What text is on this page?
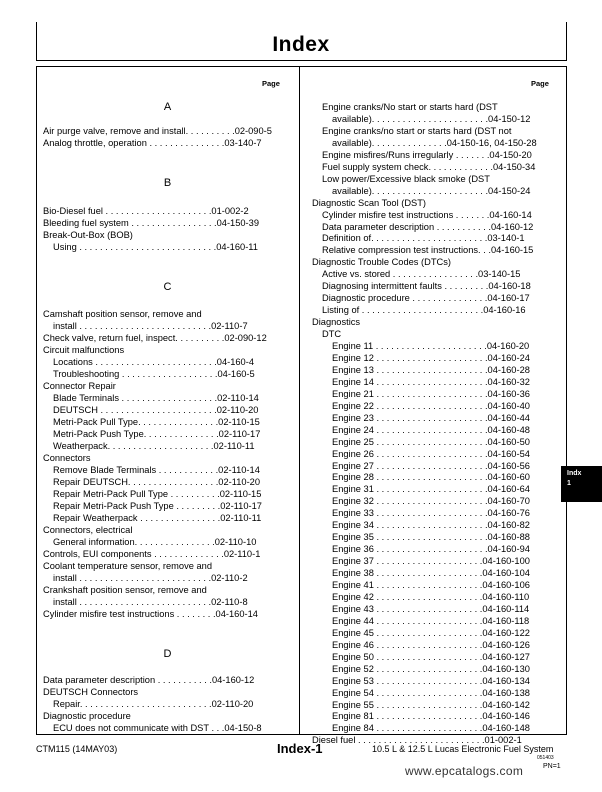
Index
Page	Page
A
Air purge valve, remove and install. . . . . . . . . .02-090-5
Analog throttle, operation . . . . . . . . . . . . . . .03-140-7
B
Bio-Diesel fuel . . . . . . . . . . . . . . . . . . . . .01-002-2
Bleeding fuel system . . . . . . . . . . . . . . . . .04-150-39
Break-Out-Box (BOB)
Using . . . . . . . . . . . . . . . . . . . . . . . . . . .04-160-11
C
Camshaft position sensor, remove and
install . . . . . . . . . . . . . . . . . . . . . . . . . .02-110-7
Check valve, return fuel, inspect. . . . . . . . . .02-090-12
Circuit malfunctions
Locations . . . . . . . . . . . . . . . . . . . . . . . .04-160-4
Troubleshooting . . . . . . . . . . . . . . . . . . .04-160-5
Connector Repair
Blade Terminals . . . . . . . . . . . . . . . . . . .02-110-14
DEUTSCH . . . . . . . . . . . . . . . . . . . . . . .02-110-20
Metri-Pack Pull Type. . . . . . . . . . . . . . . .02-110-15
Metri-Pack Push Type. . . . . . . . . . . . . . .02-110-17
Weatherpack. . . . . . . . . . . . . . . . . . . . .02-110-11
Connectors
Remove Blade Terminals . . . . . . . . . . . .02-110-14
Repair DEUTSCH. . . . . . . . . . . . . . . . . .02-110-20
Repair Metri-Pack Pull Type . . . . . . . . . .02-110-15
Repair Metri-Pack Push Type . . . . . . . . .02-110-17
Repair Weatherpack . . . . . . . . . . . . . . . .02-110-11
Connectors, electrical
General information. . . . . . . . . . . . . . . .02-110-10
Controls, EUI components . . . . . . . . . . . . . .02-110-1
Coolant temperature sensor, remove and
install . . . . . . . . . . . . . . . . . . . . . . . . . .02-110-2
Crankshaft position sensor, remove and
install . . . . . . . . . . . . . . . . . . . . . . . . . .02-110-8
Cylinder misfire test instructions . . . . . . . .04-160-14
D
Data parameter description . . . . . . . . . . .04-160-12
DEUTSCH Connectors
Repair. . . . . . . . . . . . . . . . . . . . . . . . . .02-110-20
Diagnostic procedure
ECU does not communicate with DST . . .04-150-8
Engine cranks/No start or starts hard (DST
available). . . . . . . . . . . . . . . . . . . . . . .04-150-12
Engine cranks/no start or starts hard (DST not
available). . . . . . . . . . . . . . .04-150-16, 04-150-28
Engine misfires/Runs irregularly . . . . . . .04-150-20
Fuel supply system check. . . . . . . . . . . . .04-150-34
Low power/Excessive black smoke (DST
available). . . . . . . . . . . . . . . . . . . . . . .04-150-24
Diagnostic Scan Tool (DST)
Cylinder misfire test instructions . . . . . . .04-160-14
Data parameter description . . . . . . . . . . .04-160-12
Definition of. . . . . . . . . . . . . . . . . . . . . . .03-140-1
Relative compression test instructions. . .04-160-15
Diagnostic Trouble Codes (DTCs)
Active vs. stored . . . . . . . . . . . . . . . . .03-140-15
Diagnosing intermittent faults . . . . . . . . .04-160-18
Diagnostic procedure . . . . . . . . . . . . . . .04-160-17
Listing of . . . . . . . . . . . . . . . . . . . . . . . .04-160-16
Diagnostics
DTC
Engine 11 . . . . . . . . . . . . . . . . . . . . . .04-160-20
Engine 12 . . . . . . . . . . . . . . . . . . . . . .04-160-24
Engine 13 . . . . . . . . . . . . . . . . . . . . . .04-160-28
Engine 14 . . . . . . . . . . . . . . . . . . . . . .04-160-32
Engine 21 . . . . . . . . . . . . . . . . . . . . . .04-160-36
Engine 22 . . . . . . . . . . . . . . . . . . . . . .04-160-40
Engine 23 . . . . . . . . . . . . . . . . . . . . . .04-160-44
Engine 24 . . . . . . . . . . . . . . . . . . . . . .04-160-48
Engine 25 . . . . . . . . . . . . . . . . . . . . . .04-160-50
Engine 26 . . . . . . . . . . . . . . . . . . . . . .04-160-54
Engine 27 . . . . . . . . . . . . . . . . . . . . . .04-160-56
Engine 28 . . . . . . . . . . . . . . . . . . . . . .04-160-60
Engine 31 . . . . . . . . . . . . . . . . . . . . . .04-160-64
Engine 32 . . . . . . . . . . . . . . . . . . . . . .04-160-70
Engine 33 . . . . . . . . . . . . . . . . . . . . . .04-160-76
Engine 34 . . . . . . . . . . . . . . . . . . . . . .04-160-82
Engine 35 . . . . . . . . . . . . . . . . . . . . . .04-160-88
Engine 36 . . . . . . . . . . . . . . . . . . . . . .04-160-94
Engine 37 . . . . . . . . . . . . . . . . . . . . .04-160-100
Engine 38 . . . . . . . . . . . . . . . . . . . . .04-160-104
Engine 41 . . . . . . . . . . . . . . . . . . . . .04-160-106
Engine 42 . . . . . . . . . . . . . . . . . . . . .04-160-110
Engine 43 . . . . . . . . . . . . . . . . . . . . .04-160-114
Engine 44 . . . . . . . . . . . . . . . . . . . . .04-160-118
Engine 45 . . . . . . . . . . . . . . . . . . . . .04-160-122
Engine 46 . . . . . . . . . . . . . . . . . . . . .04-160-126
Engine 50 . . . . . . . . . . . . . . . . . . . . .04-160-127
Engine 52 . . . . . . . . . . . . . . . . . . . . .04-160-130
Engine 53 . . . . . . . . . . . . . . . . . . . . .04-160-134
Engine 54 . . . . . . . . . . . . . . . . . . . . .04-160-138
Engine 55 . . . . . . . . . . . . . . . . . . . . .04-160-142
Engine 81 . . . . . . . . . . . . . . . . . . . . .04-160-146
Engine 84 . . . . . . . . . . . . . . . . . . . . .04-160-148
Diesel fuel . . . . . . . . . . . . . . . . . . . . . . . . .01-002-1
Indx
1
CTM115 (14MAY03)	Index-1	10.5 L & 12.5 L Lucas Electronic Fuel System
051403
PN=1
www.epcatalogs.com
